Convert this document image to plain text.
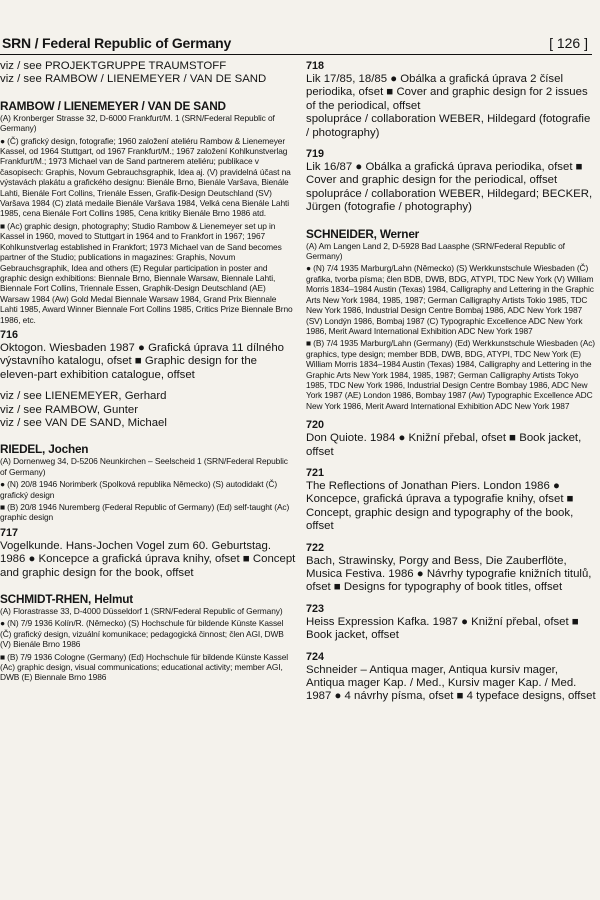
SRN / Federal Republic of Germany	[ 126 ]

viz / see PROJEKTGRUPPE TRAUMSTOFF

viz / see RAMBOW / LIENEMEYER / VAN DE SAND

RAMBOW / LIENEMEYER / VAN DE SAND

(A) Kronberger Strasse 32, D-6000 Frankfurt/M. 1 (SRN/Federal Republic of Germany)

● (Č) grafický design, fotografie; 1960 založení ateliéru Rambow & Lienemeyer Kassel, od 1964 Stuttgart, od 1967 Frankfurt/M.; 1967 založení Kohlkunstverlag Frankfurt/M.; 1973 Michael van de Sand partnerem ateliéru; publikace v časopisech: Graphis, Novum Gebrauchsgraphik, Idea aj. (V) pravidelná účast na výstavách plakátu a grafického designu: Bienále Brno, Bienále Varšava, Bienále Lahti, Bienále Fort Collins, Trienále Essen, Grafik-Design Deutschland (SV) Varšava 1984 (C) zlatá medaile Bienále Varšava 1984, Velká cena Bienále Lahti 1985, cena Bienále Fort Collins 1985, Cena kritiky Bienále Brno 1986 atd.

■ (Ac) graphic design, photography; Studio Rambow & Lienemeyer set up in Kassel in 1960, moved to Stuttgart in 1964 and to Frankfort in 1967; 1967 Kohlkunstverlag established in Frankfort; 1973 Michael van de Sand becomes partner of the Studio; publications in magazines: Graphis, Novum Gebrauchsgraphik, Idea and others (E) Regular participation in poster and graphic design exhibitions: Biennale Brno, Biennale Warsaw, Biennale Lahti, Biennale Fort Collins, Triennale Essen, Graphik-Design Deutschland (AE) Warsaw 1984 (Aw) Gold Medal Biennale Warsaw 1984, Grand Prix Biennale Lahti 1985, Award Winner Biennale Fort Collins 1985, Critics Prize Biennale Brno 1986, etc.

716

Oktogon. Wiesbaden 1987 ● Grafická úprava 11 dílného výstavního katalogu, ofset ■ Graphic design for the eleven-part exhibition catalogue, offset

viz / see LIENEMEYER, Gerhard

viz / see RAMBOW, Gunter

viz / see VAN DE SAND, Michael

RIEDEL, Jochen

(A) Dornenweg 34, D-5206 Neunkirchen – Seelscheid 1 (SRN/Federal Republic of Germany)

● (N) 20/8 1946 Norimberk (Spolková republika Německo) (S) autodidakt (Č) grafický design

■ (B) 20/8 1946 Nuremberg (Federal Republic of Germany) (Ed) self-taught (Ac) graphic design

717

Vogelkunde. Hans-Jochen Vogel zum 60. Geburtstag. 1986 ● Koncepce a grafická úprava knihy, ofset ■ Concept and graphic design for the book, offset

SCHMIDT-RHEN, Helmut

(A) Florastrasse 33, D-4000 Düsseldorf 1 (SRN/Federal Republic of Germany)

● (N) 7/9 1936 Kolín/R. (Německo) (S) Hochschule für bildende Künste Kassel (Č) grafický design, vizuální komunikace; pedagogická činnost; člen AGI, DWB (V) Bienále Brno 1986

■ (B) 7/9 1936 Cologne (Germany) (Ed) Hochschule für bildende Künste Kassel (Ac) graphic design, visual communications; educational activity; member AGI, DWB (E) Biennale Brno 1986

718

Lik 17/85, 18/85 ● Obálka a grafická úprava 2 čísel periodika, ofset ■ Cover and graphic design for 2 issues of the periodical, offset

spolupráce / collaboration WEBER, Hildegard (fotografie / photography)

719

Lik 16/87 ● Obálka a grafická úprava periodika, ofset ■ Cover and graphic design for the periodical, offset

spolupráce / collaboration WEBER, Hildegard; BECKER, Jürgen (fotografie / photography)

SCHNEIDER, Werner

(A) Am Langen Land 2, D-5928 Bad Laasphe (SRN/Federal Republic of Germany)

● (N) 7/4 1935 Marburg/Lahn (Německo) (S) Werkkunstschule Wiesbaden (Č) grafika, tvorba písma; člen BDB, DWB, BDG, ATYPI, TDC New York (V) William Morris 1834–1984 Austin (Texas) 1984, Calligraphy and Lettering in the Graphic Arts New York 1984, 1985, 1987; German Calligraphy Artists Tokio 1985, TDC New York 1986, Industrial Design Centre Bombaj 1986, ADC New York 1987 (SV) Londýn 1986, Bombaj 1987 (C) Typographic Excellence ADC New York 1986, Merit Award International Exhibition ADC New York 1987

■ (B) 7/4 1935 Marburg/Lahn (Germany) (Ed) Werkkunstschule Wiesbaden (Ac) graphics, type design; member BDB, DWB, BDG, ATYPI, TDC New York (E) William Morris 1834–1984 Austin (Texas) 1984, Calligraphy and Lettering in the Graphic Arts New York 1984, 1985, 1987; German Calligraphy Artists Tokyo 1985, TDC New York 1986, Industrial Design Centre Bombay 1986, ADC New York 1987 (AE) London 1986, Bombay 1987 (Aw) Typographic Excellence ADC New York 1986, Merit Award International Exhibition ADC New York 1987

720

Don Quiote. 1984 ● Knižní přebal, ofset ■ Book jacket, offset

721

The Reflections of Jonathan Piers. London 1986 ● Koncepce, grafická úprava a typografie knihy, ofset ■ Concept, graphic design and typography of the book, offset

722

Bach, Strawinsky, Porgy and Bess, Die Zauberflöte, Musica Festiva. 1986 ● Návrhy typografie knižních titulů, ofset ■ Designs for typography of book titles, offset

723

Heiss Expression Kafka. 1987 ● Knižní přebal, ofset ■ Book jacket, offset

724

Schneider – Antiqua mager, Antiqua kursiv mager, Antiqua mager Kap. / Med., Kursiv mager Kap. / Med. 1987 ● 4 návrhy písma, ofset ■ 4 typeface designs, offset
